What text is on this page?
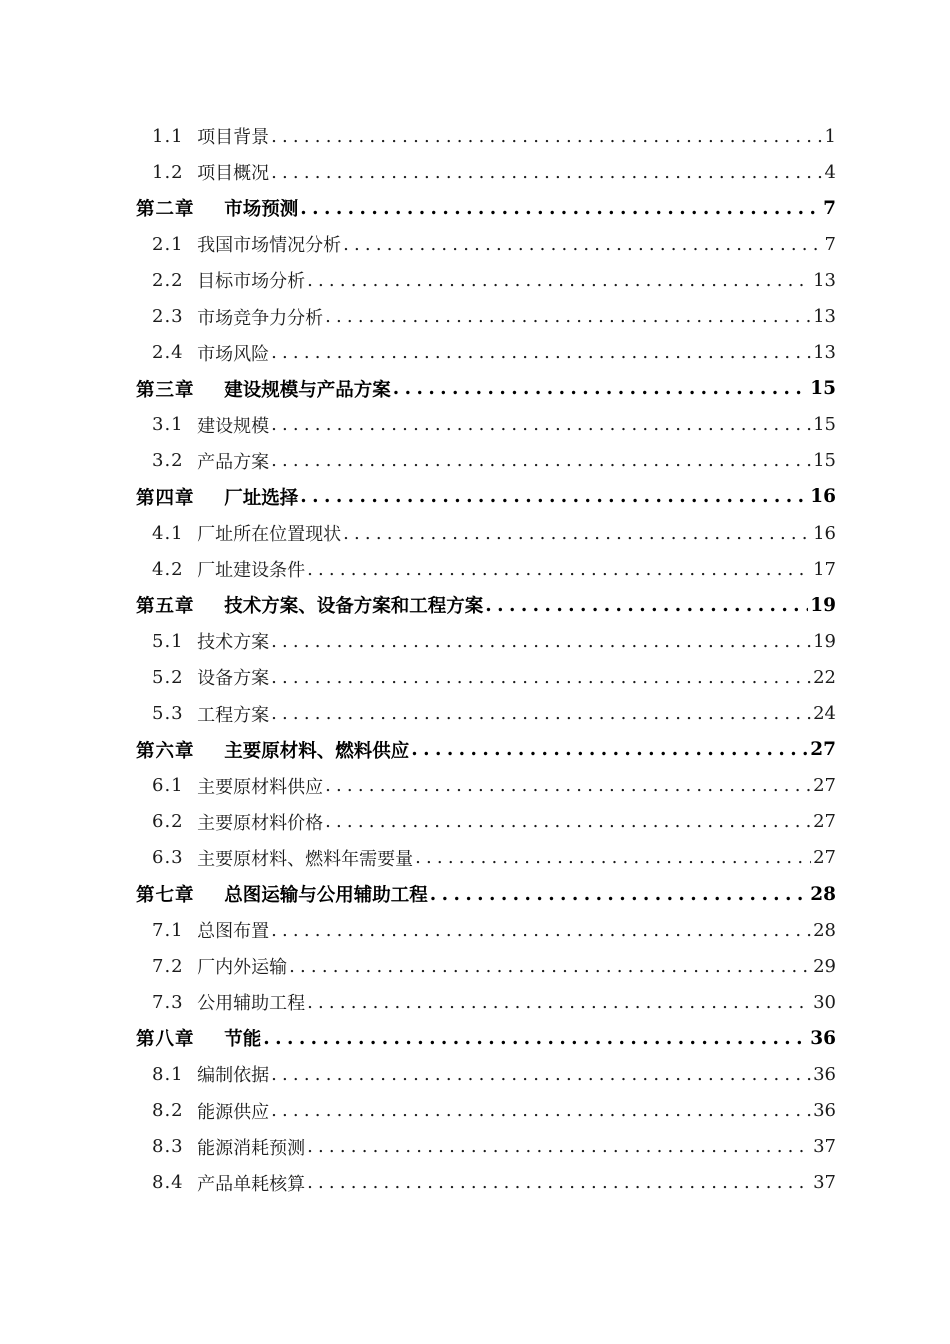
1.1 项目背景 .....	1
1.2 项目概况 .....	4
第二章	市场预测 .....	7
2.1 我国市场情况分析 .....	7
2.2 目标市场分析 .....	13
2.3 市场竞争力分析 .....	13
2.4 市场风险 .....	13
第三章	建设规模与产品方案 .....	15
3.1 建设规模 .....	15
3.2 产品方案 .....	15
第四章	厂址选择 .....	16
4.1 厂址所在位置现状 .....	16
4.2 厂址建设条件 .....	17
第五章	技术方案、设备方案和工程方案 .....	19
5.1 技术方案 .....	19
5.2 设备方案 .....	22
5.3 工程方案 .....	24
第六章	主要原材料、燃料供应 .....	27
6.1 主要原材料供应 .....	27
6.2 主要原材料价格 .....	27
6.3 主要原材料、燃料年需要量 .....	27
第七章	总图运输与公用辅助工程 .....	28
7.1 总图布置 .....	28
7.2 厂内外运输 .....	29
7.3 公用辅助工程 .....	30
第八章	节能 .....	36
8.1 编制依据 .....	36
8.2 能源供应 .....	36
8.3 能源消耗预测 .....	37
8.4 产品单耗核算 .....	37
